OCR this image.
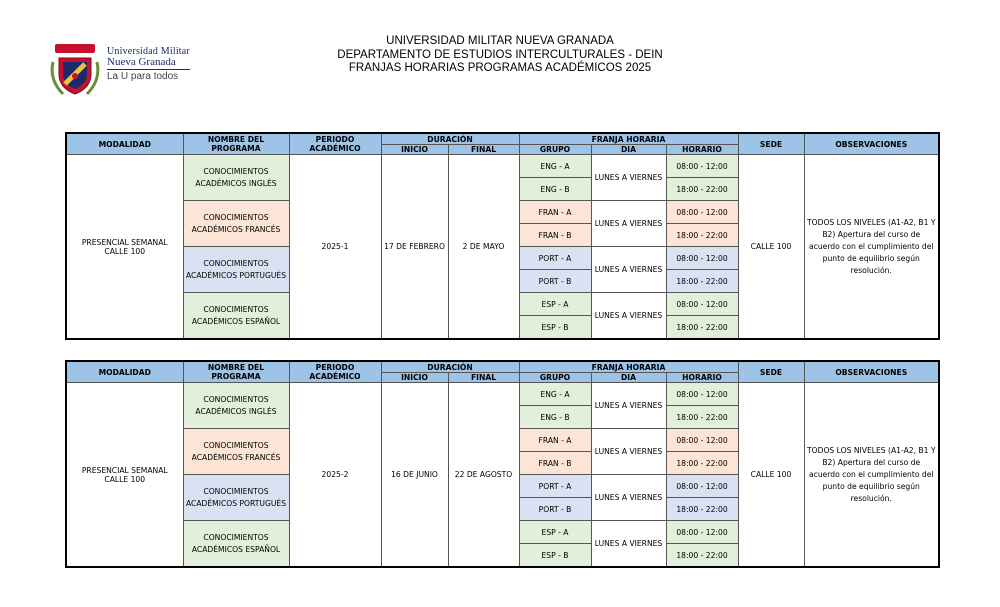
Universidad Militar
Nueva Granada
La U para todos
UNIVERSIDAD MILITAR NUEVA GRANADA
DEPARTAMENTO DE ESTUDIOS INTERCULTURALES - DEIN
FRANJAS HORARIAS PROGRAMAS ACADÉMICOS 2025
MODALIDAD	NOMBRE DEL PROGRAMA	PERIODO ACADÉMICO	DURACIÓN		FRANJA HORARIA			SEDE	OBSERVACIONES
			INICIO	FINAL	GRUPO	DIA	HORARIO		
PRESENCIAL SEMANAL CALLE 100	CONOCIMIENTOS ACADÉMICOS INGLÉS	2025-1	17 DE FEBRERO	2 DE MAYO	ENG - A	LUNES A VIERNES	08:00 - 12:00	CALLE 100	TODOS LOS NIVELES (A1-A2, B1 Y B2) Apertura del curso de acuerdo con el cumplimiento del punto de equilibrio según resolución.
					ENG - B		18:00 - 22:00		
	CONOCIMIENTOS ACADÉMICOS FRANCÉS				FRAN - A	LUNES A VIERNES	08:00 - 12:00		
					FRAN - B		18:00 - 22:00		
	CONOCIMIENTOS ACADÉMICOS PORTUGUÉS				PORT - A	LUNES A VIERNES	08:00 - 12:00		
					PORT - B		18:00 - 22:00		
	CONOCIMIENTOS ACADÉMICOS ESPAÑOL				ESP - A	LUNES A VIERNES	08:00 - 12:00		
					ESP - B		18:00 - 22:00		
MODALIDAD	NOMBRE DEL PROGRAMA	PERIODO ACADÉMICO	DURACIÓN		FRANJA HORARIA			SEDE	OBSERVACIONES
			INICIO	FINAL	GRUPO	DIA	HORARIO		
PRESENCIAL SEMANAL CALLE 100	CONOCIMIENTOS ACADÉMICOS INGLÉS	2025-2	16 DE JUNIO	22 DE AGOSTO	ENG - A	LUNES A VIERNES	08:00 - 12:00	CALLE 100	TODOS LOS NIVELES (A1-A2, B1 Y B2) Apertura del curso de acuerdo con el cumplimiento del punto de equilibrio según resolución.
					ENG - B		18:00 - 22:00		
	CONOCIMIENTOS ACADÉMICOS FRANCÉS				FRAN - A	LUNES A VIERNES	08:00 - 12:00		
					FRAN - B		18:00 - 22:00		
	CONOCIMIENTOS ACADÉMICOS PORTUGUÉS				PORT - A	LUNES A VIERNES	08:00 - 12:00		
					PORT - B		18:00 - 22:00		
	CONOCIMIENTOS ACADÉMICOS ESPAÑOL				ESP - A	LUNES A VIERNES	08:00 - 12:00		
					ESP - B		18:00 - 22:00		
